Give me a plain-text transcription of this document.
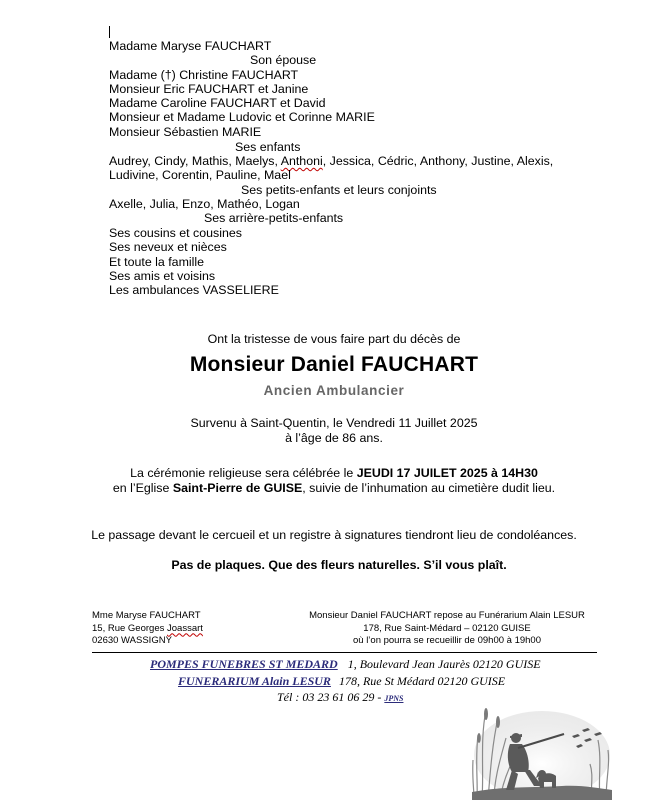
Madame Maryse FAUCHART
Son épouse
Madame (†) Christine FAUCHART
Monsieur Eric FAUCHART et Janine
Madame Caroline FAUCHART et David
Monsieur et Madame Ludovic et Corinne MARIE
Monsieur Sébastien MARIE
Ses enfants
Audrey, Cindy, Mathis, Maelys, Anthoni, Jessica, Cédric, Anthony, Justine, Alexis,
Ludivine, Corentin, Pauline, Mael
Ses petits-enfants et leurs conjoints
Axelle, Julia, Enzo, Mathéo, Logan
Ses arrière-petits-enfants
Ses cousins et cousines
Ses neveux et nièces
Et toute la famille
Ses amis et voisins
Les ambulances VASSELIERE
Ont la tristesse de vous faire part du décès de
Monsieur Daniel FAUCHART
Ancien Ambulancier
Survenu à Saint-Quentin, le Vendredi 11 Juillet 2025
à l’âge de 86 ans.
La cérémonie religieuse sera célébrée le JEUDI 17 JUILET 2025 à 14H30
en l’Eglise Saint-Pierre de GUISE, suivie de l’inhumation au cimetière dudit lieu.
Le passage devant le cercueil et un registre à signatures tiendront lieu de condoléances.
Pas de plaques. Que des fleurs naturelles. S’il vous plaît.
Mme Maryse FAUCHART
15, Rue Georges Joassart
02630 WASSIGNY
Monsieur Daniel FAUCHART repose au Funérarium Alain LESUR
178, Rue Saint-Médard – 02120 GUISE
où l’on pourra se recueillir de 09h00 à 19h00
POMPES FUNEBRES ST MEDARD 1, Boulevard Jean Jaurès 02120 GUISE
FUNERARIUM Alain LESUR 178, Rue St Médard 02120 GUISE
Tél : 03 23 61 06 29 - JPNS
